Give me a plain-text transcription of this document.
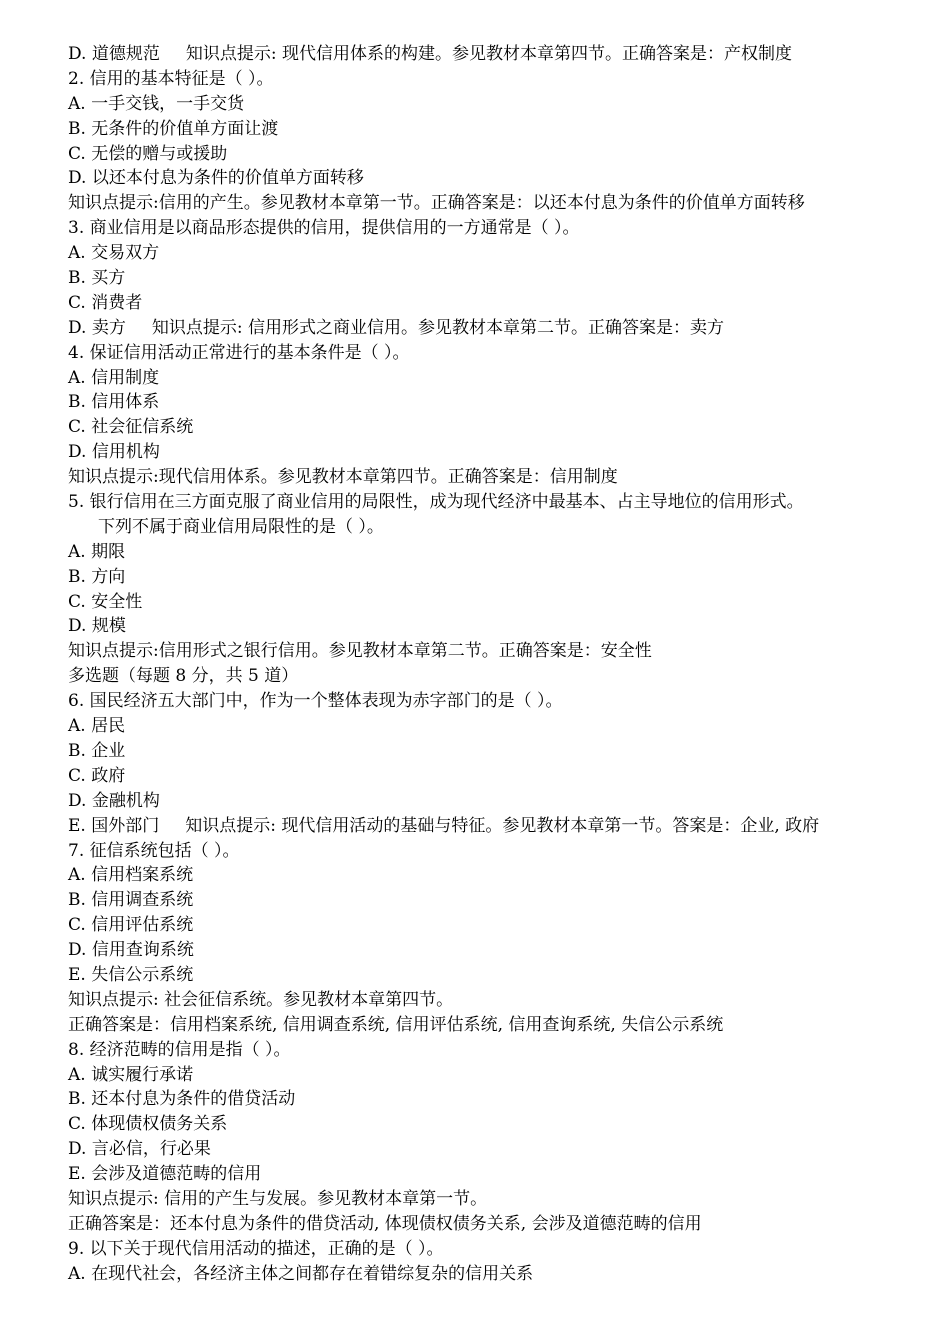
D. 道德规范 知识点提示: 现代信用体系的构建。参见教材本章第四节。正确答案是：产权制度
2. 信用的基本特征是（ ）。
A. 一手交钱，一手交货
B. 无条件的价值单方面让渡
C. 无偿的赠与或援助
D. 以还本付息为条件的价值单方面转移
知识点提示:信用的产生。参见教材本章第一节。正确答案是：以还本付息为条件的价值单方面转移
3. 商业信用是以商品形态提供的信用，提供信用的一方通常是（ ）。
A. 交易双方
B. 买方
C. 消费者
D. 卖方 知识点提示: 信用形式之商业信用。参见教材本章第二节。正确答案是：卖方
4. 保证信用活动正常进行的基本条件是（ ）。
A. 信用制度
B. 信用体系
C. 社会征信系统
D. 信用机构
知识点提示:现代信用体系。参见教材本章第四节。正确答案是：信用制度
5. 银行信用在三方面克服了商业信用的局限性，成为现代经济中最基本、占主导地位的信用形式。
下列不属于商业信用局限性的是（ ）。
A. 期限
B. 方向
C. 安全性
D. 规模
知识点提示:信用形式之银行信用。参见教材本章第二节。正确答案是：安全性
多选题（每题 8 分，共 5 道）
6. 国民经济五大部门中，作为一个整体表现为赤字部门的是（ ）。
A. 居民
B. 企业
C. 政府
D. 金融机构
E. 国外部门 知识点提示: 现代信用活动的基础与特征。参见教材本章第一节。答案是：企业, 政府
7. 征信系统包括（ ）。
A. 信用档案系统
B. 信用调查系统
C. 信用评估系统
D. 信用查询系统
E. 失信公示系统
知识点提示: 社会征信系统。参见教材本章第四节。
正确答案是：信用档案系统, 信用调查系统, 信用评估系统, 信用查询系统, 失信公示系统
8. 经济范畴的信用是指（ ）。
A. 诚实履行承诺
B. 还本付息为条件的借贷活动
C. 体现债权债务关系
D. 言必信，行必果
E. 会涉及道德范畴的信用
知识点提示: 信用的产生与发展。参见教材本章第一节。
正确答案是：还本付息为条件的借贷活动, 体现债权债务关系, 会涉及道德范畴的信用
9. 以下关于现代信用活动的描述，正确的是（ ）。
A. 在现代社会，各经济主体之间都存在着错综复杂的信用关系
